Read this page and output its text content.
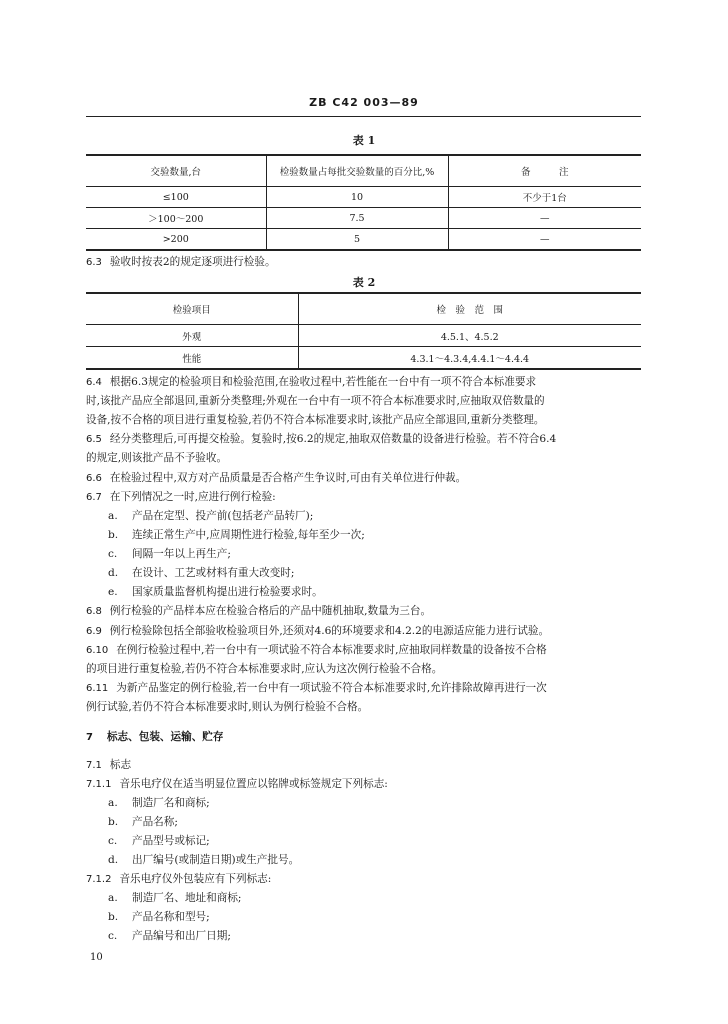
ZB C42 003—89
表 1
交验数量,台	检验数量占每批交验数量的百分比,%	备　　　注
≤100	10	不少于1台
＞100～200	7.5	—
>200	5	—
6.3 验收时按表2的规定逐项进行检验。
表 2
检验项目	检　验　范　围
外观	4.5.1、4.5.2
性能	4.3.1～4.3.4,4.4.1～4.4.4
6.4 根据6.3规定的检验项目和检验范围,在验收过程中,若性能在一台中有一项不符合本标准要求
时,该批产品应全部退回,重新分类整理;外观在一台中有一项不符合本标准要求时,应抽取双倍数量的
设备,按不合格的项目进行重复检验,若仍不符合本标准要求时,该批产品应全部退回,重新分类整理。
6.5 经分类整理后,可再提交检验。复验时,按6.2的规定,抽取双倍数量的设备进行检验。若不符合6.4
的规定,则该批产品不予验收。
6.6 在检验过程中,双方对产品质量是否合格产生争议时,可由有关单位进行仲裁。
6.7 在下列情况之一时,应进行例行检验:
a. 产品在定型、投产前(包括老产品转厂);
b. 连续正常生产中,应周期性进行检验,每年至少一次;
c. 间隔一年以上再生产;
d. 在设计、工艺或材料有重大改变时;
e. 国家质量监督机构提出进行检验要求时。
6.8 例行检验的产品样本应在检验合格后的产品中随机抽取,数量为三台。
6.9 例行检验除包括全部验收检验项目外,还须对4.6的环境要求和4.2.2的电源适应能力进行试验。
6.10 在例行检验过程中,若一台中有一项试验不符合本标准要求时,应抽取同样数量的设备按不合格
的项目进行重复检验,若仍不符合本标准要求时,应认为这次例行检验不合格。
6.11 为新产品鉴定的例行检验,若一台中有一项试验不符合本标准要求时,允许排除故障再进行一次
例行试验,若仍不符合本标准要求时,则认为例行检验不合格。
7 标志、包装、运输、贮存
7.1 标志
7.1.1 音乐电疗仪在适当明显位置应以铭牌或标签规定下列标志:
a. 制造厂名和商标;
b. 产品名称;
c. 产品型号或标记;
d. 出厂编号(或制造日期)或生产批号。
7.1.2 音乐电疗仪外包装应有下列标志:
a. 制造厂名、地址和商标;
b. 产品名称和型号;
c. 产品编号和出厂日期;
10
